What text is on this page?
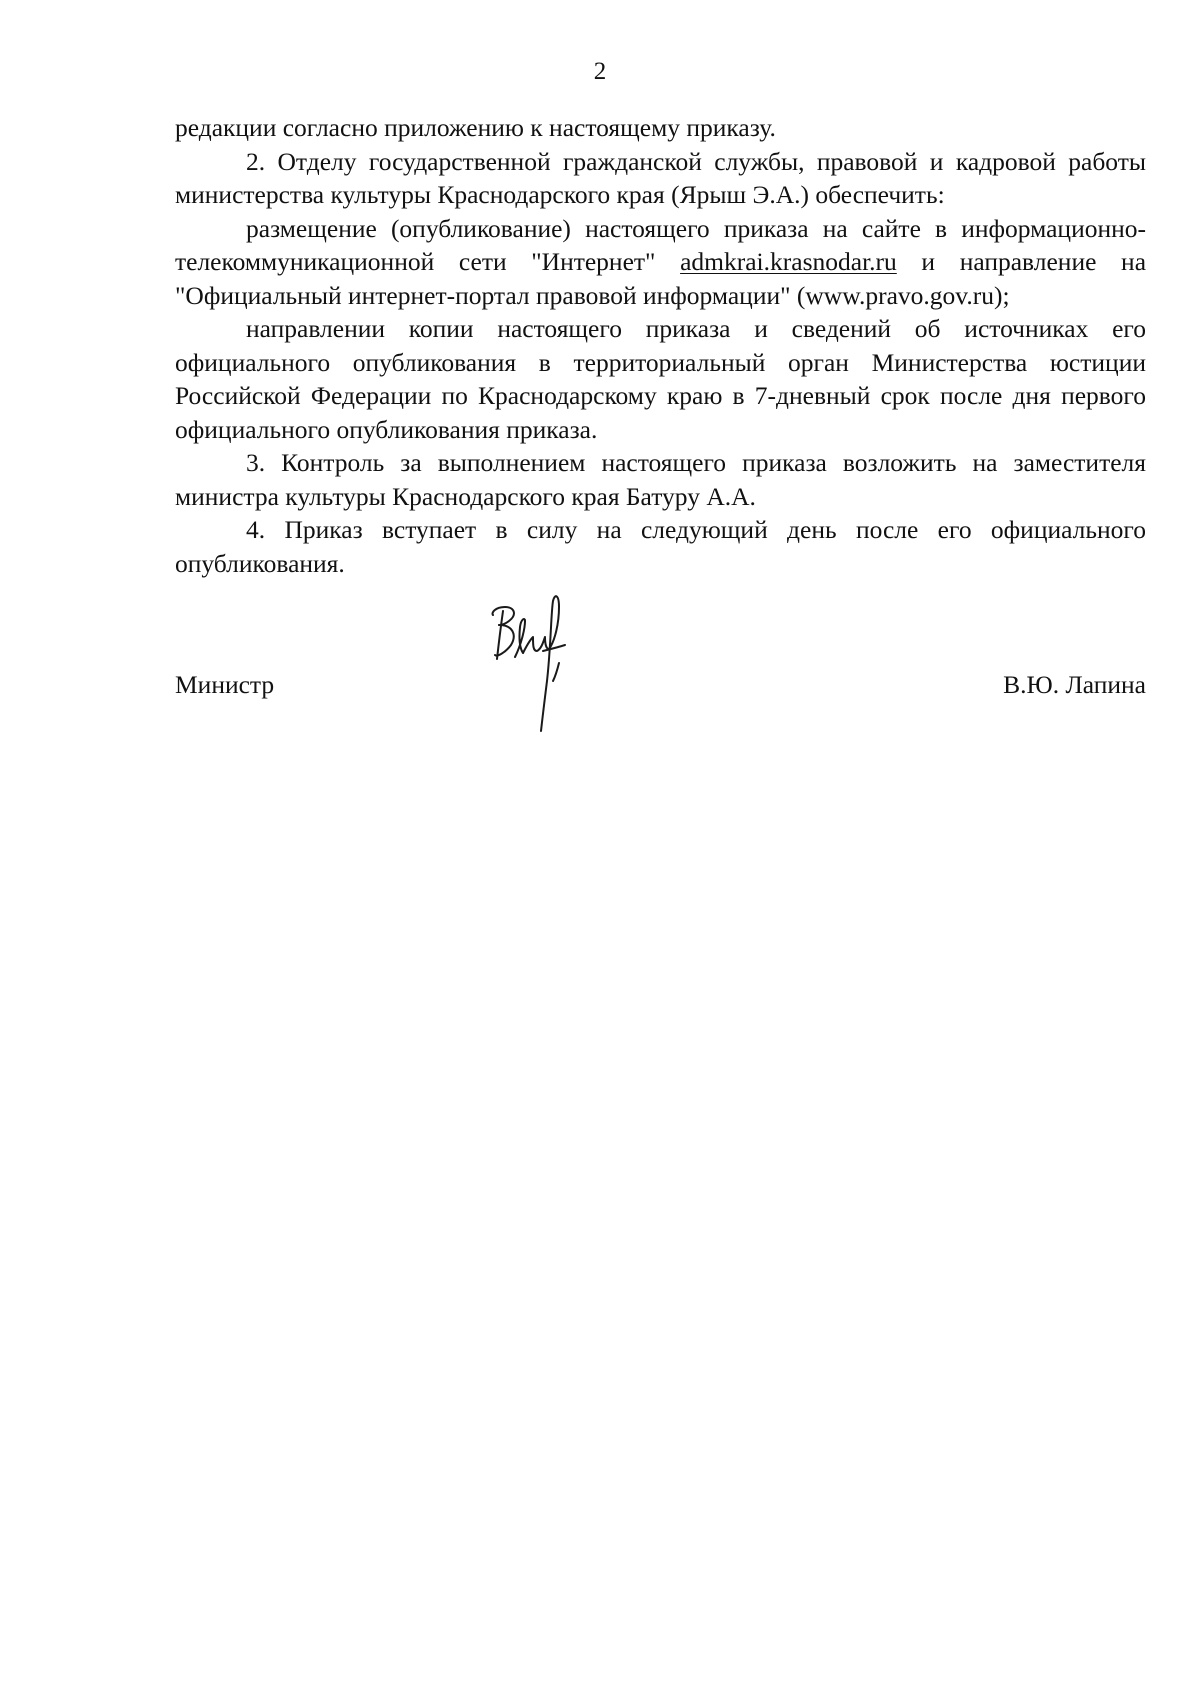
2

редакции согласно приложению к настоящему приказу.

2. Отделу государственной гражданской службы, правовой и кадровой работы министерства культуры Краснодарского края (Ярыш Э.А.) обеспечить:

размещение (опубликование) настоящего приказа на сайте в информационно-телекоммуникационной сети "Интернет" admkrai.krasnodar.ru и направление на "Официальный интернет-портал правовой информации" (www.pravo.gov.ru);

направлении копии настоящего приказа и сведений об источниках его официального опубликования в территориальный орган Министерства юстиции Российской Федерации по Краснодарскому краю в 7-дневный срок после дня первого официального опубликования приказа.

3. Контроль за выполнением настоящего приказа возложить на заместителя министра культуры Краснодарского края Батуру А.А.

4. Приказ вступает в силу на следующий день после его официального опубликования.

Министр	В.Ю. Лапина
